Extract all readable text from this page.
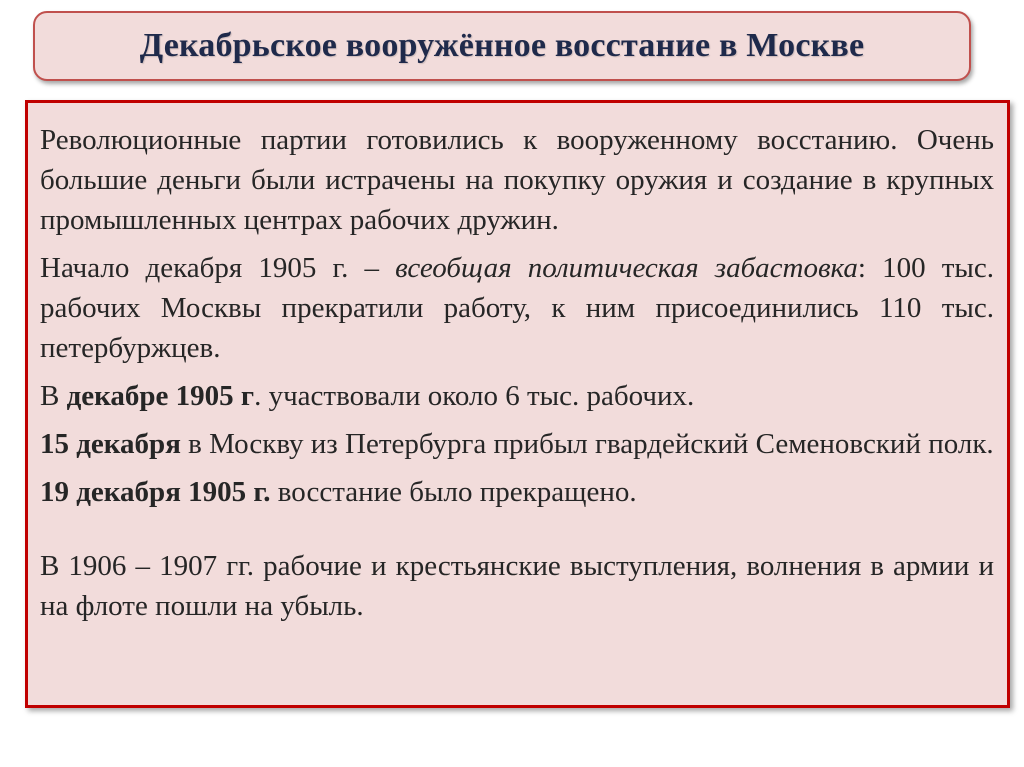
Декабрьское вооружённое восстание в Москве

Революционные партии готовились к вооруженному восстанию. Очень большие деньги были истрачены на покупку оружия и создание в крупных промышленных центрах рабочих дружин.

Начало декабря 1905 г. – всеобщая политическая забастовка: 100 тыс. рабочих Москвы прекратили работу, к ним присоединились 110 тыс. петербуржцев.

В декабре 1905 г. участвовали около 6 тыс. рабочих.

15 декабря в Москву из Петербурга прибыл гвардейский Семеновский полк.

19 декабря 1905 г. восстание было прекращено.

В 1906 – 1907 гг. рабочие и крестьянские выступления, волнения в армии и на флоте пошли на убыль.
